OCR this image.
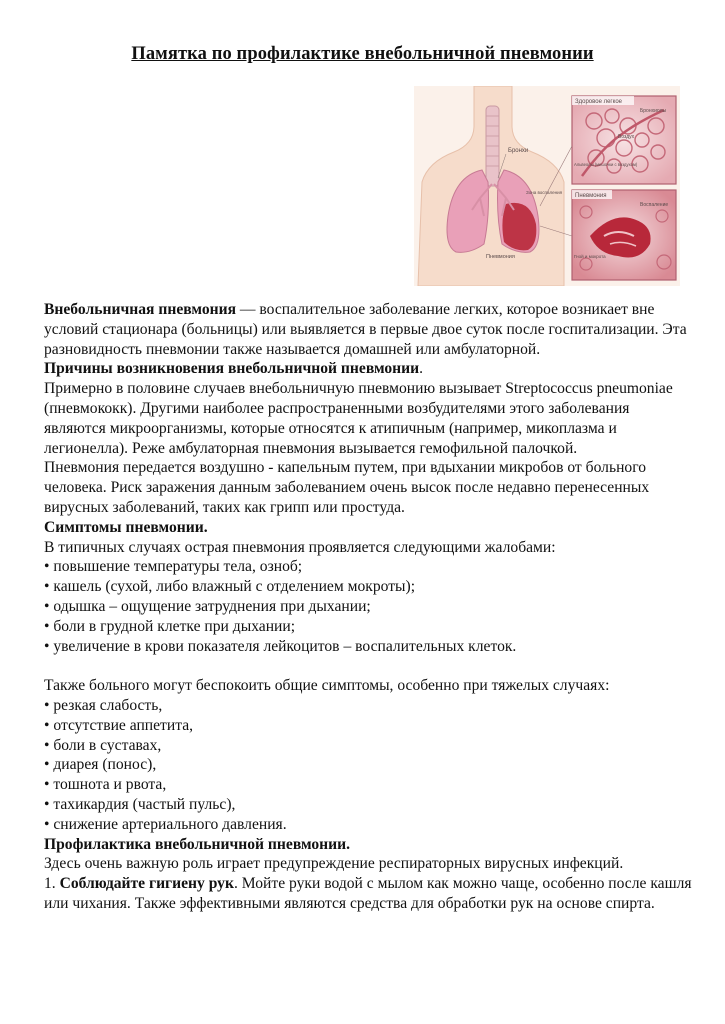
Памятка по профилактике внебольничной пневмонии
Бронхи
Зона воспаления
Пневмония
Здоровое легкое
Бронхиолы
Воздух
Альвеолы (мешочки с воздухом)
Пневмония
Воспаление
Гной и мокрота

Внебольничная пневмония — воспалительное заболевание легких, которое возникает вне условий стационара (больницы) или выявляется в первые двое суток после госпитализации. Эта разновидность пневмонии также называется домашней или амбулаторной.

Причины возникновения внебольничной пневмонии.

Примерно в половине случаев внебольничную пневмонию вызывает Streptococcus pneumoniae (пневмококк). Другими наиболее распространенными возбудителями этого заболевания являются микроорганизмы, которые относятся к атипичным (например, микоплазма и легионелла). Реже амбулаторная пневмония вызывается гемофильной палочкой.

Пневмония передается воздушно - капельным путем, при вдыхании микробов от больного человека. Риск заражения данным заболеванием очень высок после недавно перенесенных вирусных заболеваний, таких как грипп или простуда.

Симптомы пневмонии.

В типичных случаях острая пневмония проявляется следующими жалобами:

• повышение температуры тела, озноб;

• кашель (сухой, либо влажный с отделением мокроты);

• одышка – ощущение затруднения при дыхании;

• боли в грудной клетке при дыхании;

• увеличение в крови показателя лейкоцитов – воспалительных клеток.

Также больного могут беспокоить общие симптомы, особенно при тяжелых случаях:

• резкая слабость,

• отсутствие аппетита,

• боли в суставах,

• диарея (понос),

• тошнота и рвота,

• тахикардия (частый пульс),

• снижение артериального давления.

Профилактика внебольничной пневмонии.

Здесь очень важную роль играет предупреждение респираторных вирусных инфекций.

1. Соблюдайте гигиену рук. Мойте руки водой с мылом как можно чаще, особенно после кашля или чихания. Также эффективными являются средства для обработки рук на основе спирта.
